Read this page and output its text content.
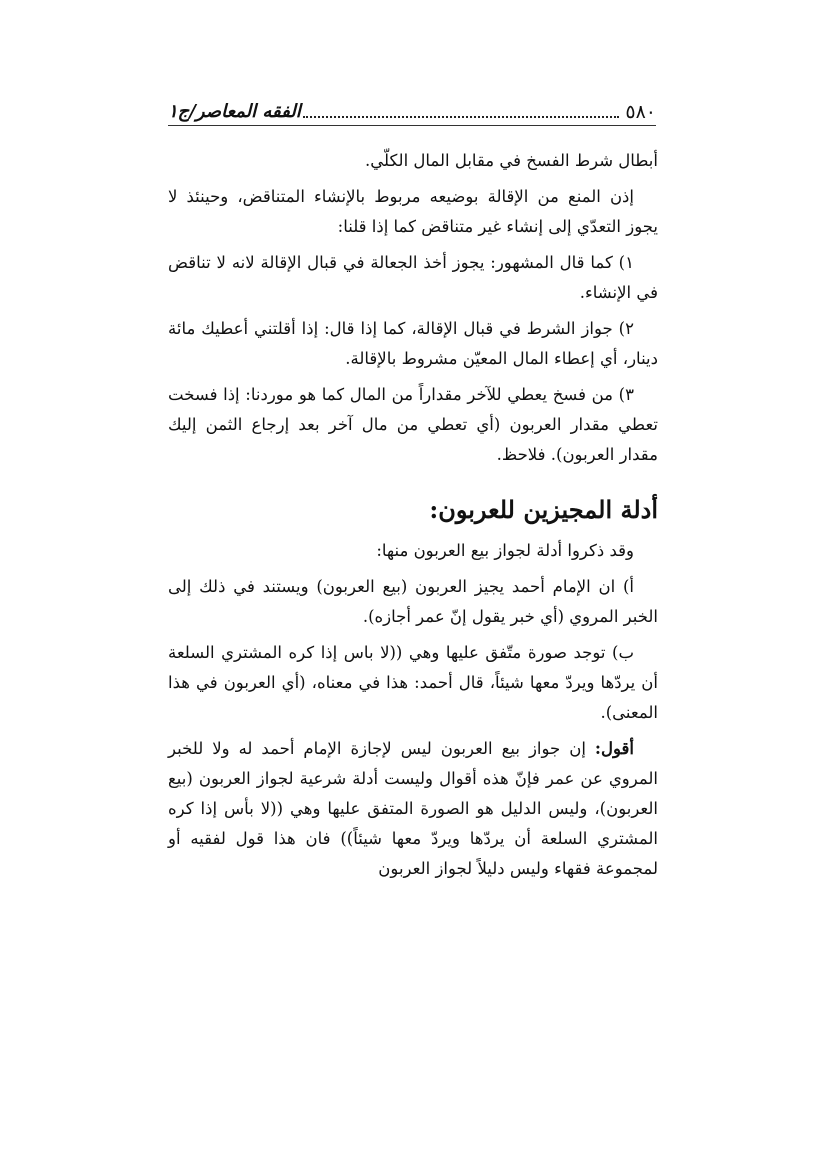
٥٨٠
الفقه المعاصر/ج١

أبطال شرط الفسخ في مقابل المال الكلّي.

إذن المنع من الإقالة بوضيعه مربوط بالإنشاء المتناقض، وحينئذ لا يجوز التعدّي إلى إنشاء غير متناقض كما إذا قلنا:

١) كما قال المشهور: يجوز أخذ الجعالة في قبال الإقالة لانه لا تناقض في الإنشاء.

٢) جواز الشرط في قبال الإقالة، كما إذا قال: إذا أقلتني أعطيك مائة دينار، أي إعطاء المال المعيّن مشروط بالإقالة.

٣) من فسخ يعطي للآخر مقداراً من المال كما هو موردنا: إذا فسخت تعطي مقدار العربون (أي تعطي من مال آخر بعد إرجاع الثمن إليك مقدار العربون). فلاحظ.

أدلة المجيزين للعربون:

وقد ذكروا أدلة لجواز بيع العربون منها:

أ) ان الإمام أحمد يجيز العربون (بيع العربون) ويستند في ذلك إلى الخبر المروي (أي خبر يقول إنّ عمر أجازه).

ب) توجد صورة متّفق عليها وهي ((لا باس إذا كره المشتري السلعة أن يردّها ويردّ معها شيئاً، قال أحمد: هذا في معناه، (أي العربون في هذا المعنى).

أقول: إن جواز بيع العربون ليس لإجازة الإمام أحمد له ولا للخبر المروي عن عمر فإنّ هذه أقوال وليست أدلة شرعية لجواز العربون (بيع العربون)، وليس الدليل هو الصورة المتفق عليها وهي ((لا بأس إذا كره المشتري السلعة أن يردّها ويردّ معها شيئاً)) فان هذا قول لفقيه أو لمجموعة فقهاء وليس دليلاً لجواز العربون
